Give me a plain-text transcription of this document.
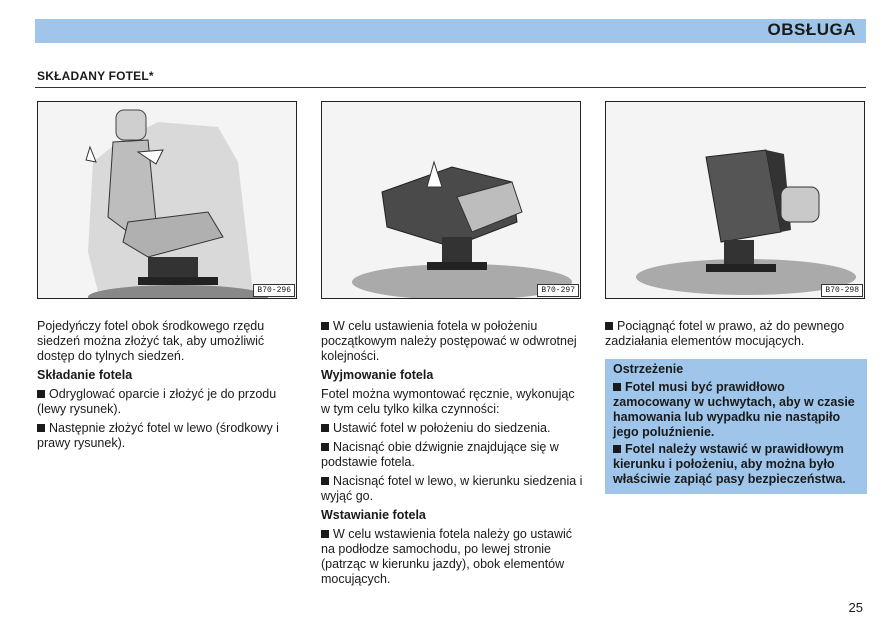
OBSŁUGA
SKŁADANY FOTEL*
B70-296	B70-297	B70-298

Pojedyńczy fotel obok środkowego rzędu siedzeń można złożyć tak, aby umożliwić dostęp do tylnych siedzeń.

Składanie fotela

Odryglować oparcie i złożyć je do przodu (lewy rysunek).

Następnie złożyć fotel w lewo (środkowy i prawy rysunek).

W celu ustawienia fotela w położeniu początkowym należy postępować w odwrotnej kolejności.

Wyjmowanie fotela

Fotel można wymontować ręcznie, wykonując w tym celu tylko kilka czynności:

Ustawić fotel w położeniu do siedzenia.

Nacisnąć obie dźwignie znajdujące się w podstawie fotela.

Nacisnąć fotel w lewo, w kierunku siedzenia i wyjąć go.

Wstawianie fotela

W celu wstawienia fotela należy go ustawić na podłodze samochodu, po lewej stronie (patrząc w kierunku jazdy), obok elementów mocujących.

Pociągnąć fotel w prawo, aż do pewnego zadziałania elementów mocujących.

Ostrzeżenie

Fotel musi być prawidłowo zamocowany w uchwytach, aby w czasie hamowania lub wypadku nie nastąpiło jego poluźnienie.

Fotel należy wstawić w prawidłowym kierunku i położeniu, aby można było właściwie zapiąć pasy bezpieczeństwa.

25
